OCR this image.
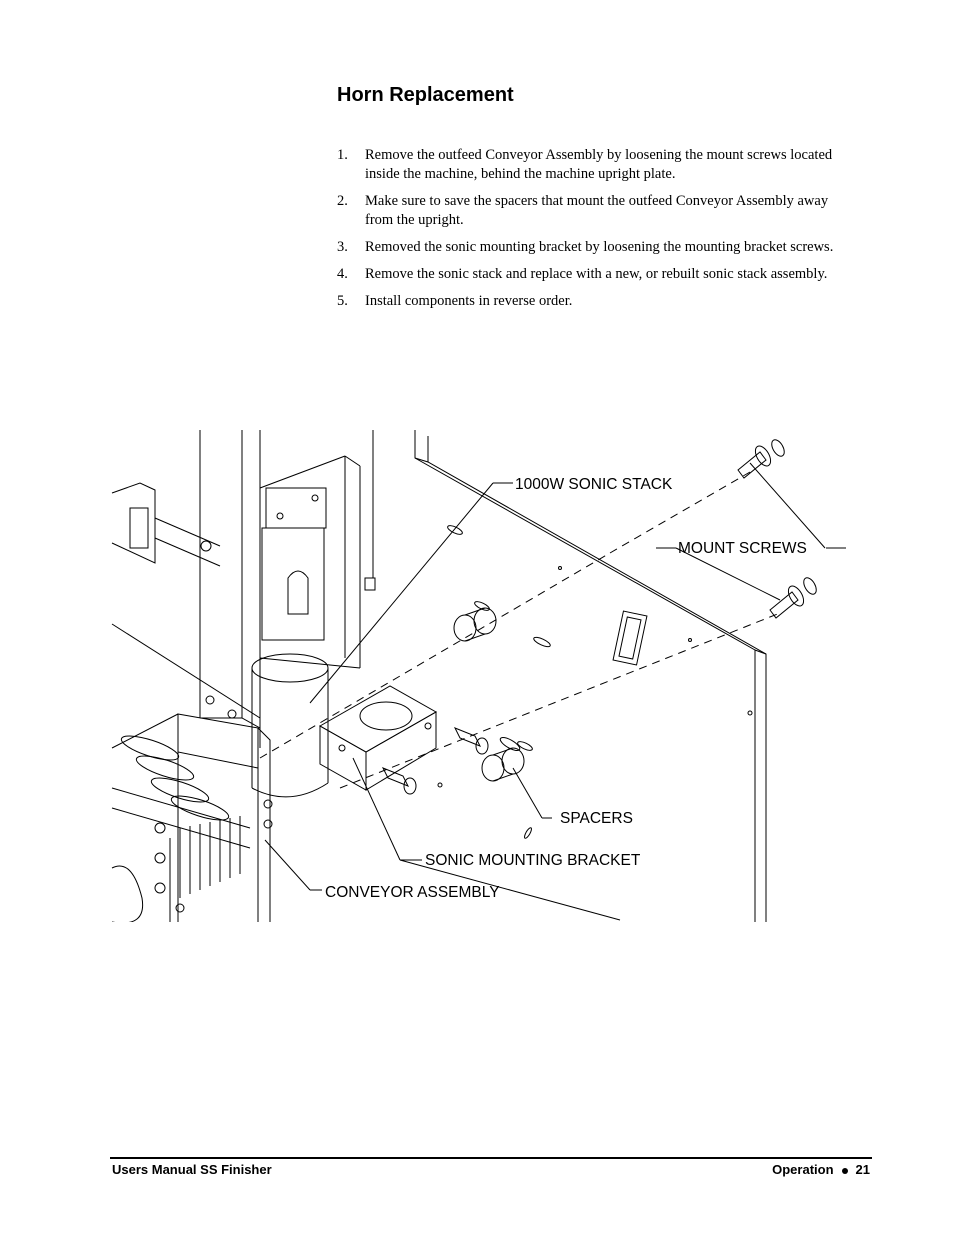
Horn Replacement
1. Remove the outfeed Conveyor Assembly by loosening the mount screws located inside the machine, behind the machine upright plate.
2. Make sure to save the spacers that mount the outfeed Conveyor Assembly away from the upright.
3. Removed the sonic mounting bracket by loosening the mounting bracket screws.
4. Remove the sonic stack and replace with a new, or rebuilt sonic stack assembly.
5. Install components in reverse order.
1000W SONIC STACK
MOUNT SCREWS
SPACERS
SONIC MOUNTING BRACKET
CONVEYOR ASSEMBLY
Users Manual SS Finisher	Operation 21
